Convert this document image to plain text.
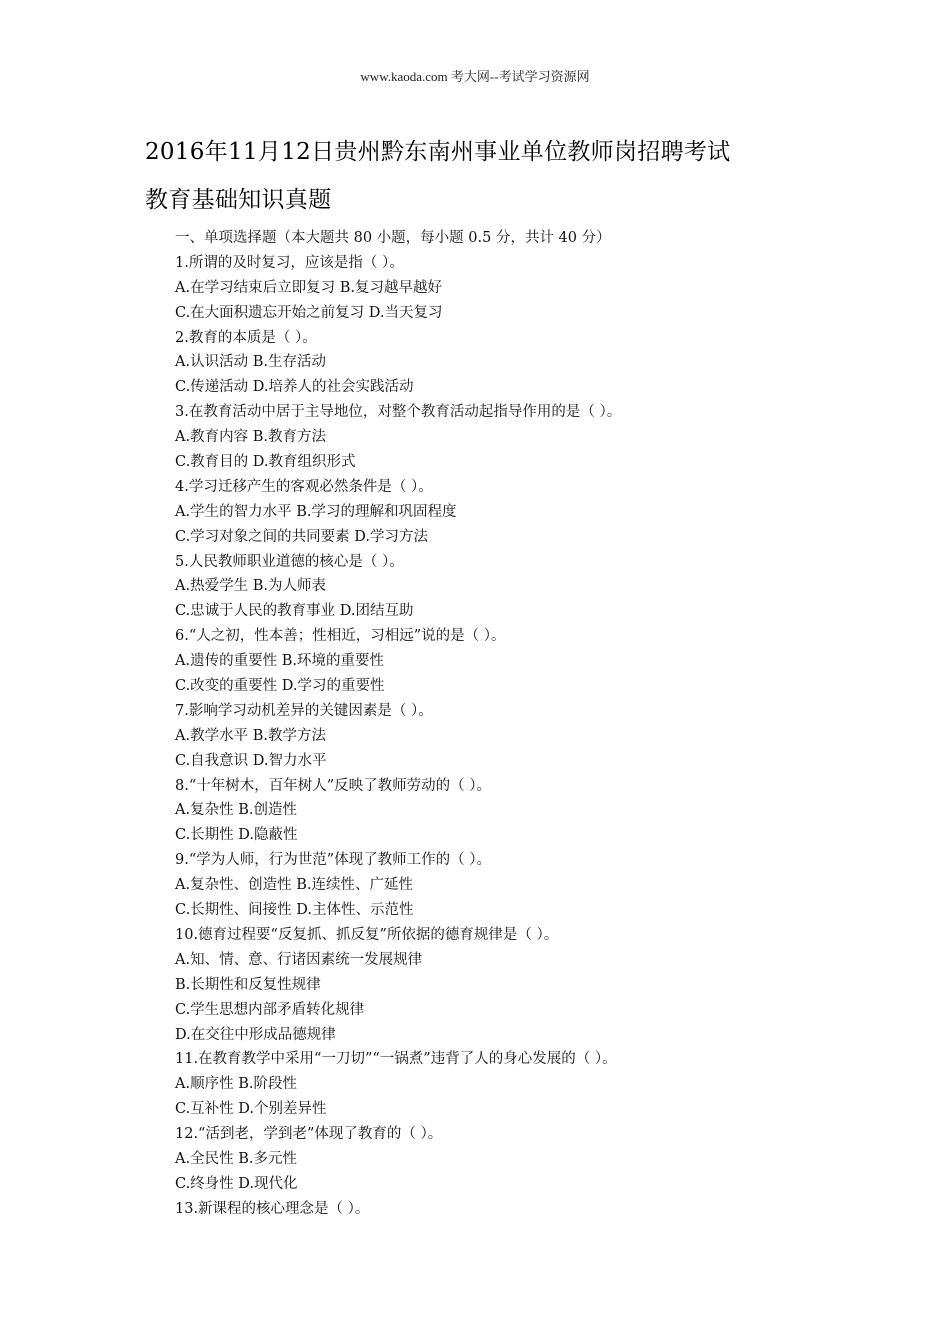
www.kaoda.com 考大网--考试学习资源网
2016年11月12日贵州黔东南州事业单位教师岗招聘考试
教育基础知识真题
一、单项选择题（本大题共 80 小题，每小题 0.5 分，共计 40 分）
1.所谓的及时复习，应该是指（ ）。
A.在学习结束后立即复习 B.复习越早越好
C.在大面积遗忘开始之前复习 D.当天复习
2.教育的本质是（ ）。
A.认识活动 B.生存活动
C.传递活动 D.培养人的社会实践活动
3.在教育活动中居于主导地位，对整个教育活动起指导作用的是（ ）。
A.教育内容 B.教育方法
C.教育目的 D.教育组织形式
4.学习迁移产生的客观必然条件是（ ）。
A.学生的智力水平 B.学习的理解和巩固程度
C.学习对象之间的共同要素 D.学习方法
5.人民教师职业道德的核心是（ ）。
A.热爱学生 B.为人师表
C.忠诚于人民的教育事业 D.团结互助
6.“人之初，性本善；性相近，习相远”说的是（ ）。
A.遗传的重要性 B.环境的重要性
C.改变的重要性 D.学习的重要性
7.影响学习动机差异的关键因素是（ ）。
A.教学水平 B.教学方法
C.自我意识 D.智力水平
8.“十年树木，百年树人”反映了教师劳动的（ ）。
A.复杂性 B.创造性
C.长期性 D.隐蔽性
9.“学为人师，行为世范”体现了教师工作的（ ）。
A.复杂性、创造性 B.连续性、广延性
C.长期性、间接性 D.主体性、示范性
10.德育过程要“反复抓、抓反复”所依据的德育规律是（ ）。
A.知、情、意、行诸因素统一发展规律
B.长期性和反复性规律
C.学生思想内部矛盾转化规律
D.在交往中形成品德规律
11.在教育教学中采用“一刀切”“一锅煮”违背了人的身心发展的（ ）。
A.顺序性 B.阶段性
C.互补性 D.个别差异性
12.“活到老，学到老”体现了教育的（ ）。
A.全民性 B.多元性
C.终身性 D.现代化
13.新课程的核心理念是（ ）。
